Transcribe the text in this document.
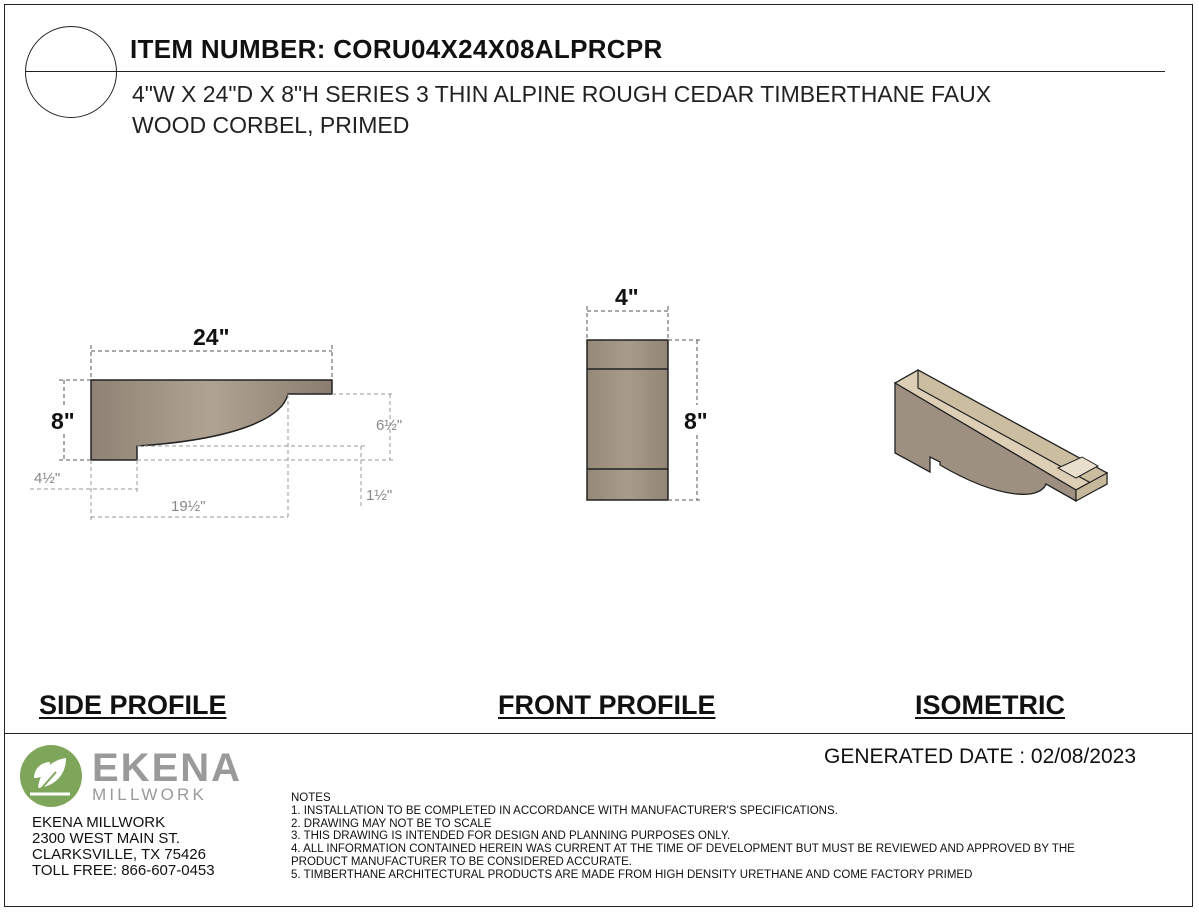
ITEM NUMBER: CORU04X24X08ALPRCPR
4"W X 24"D X 8"H SERIES 3 THIN ALPINE ROUGH CEDAR TIMBERTHANE FAUX
WOOD CORBEL, PRIMED
24"
8"	6½"
4½"
1½"
19½"
4"
8"
SIDE PROFILE	FRONT PROFILE	ISOMETRIC
EKENA
MILLWORK
EKENA MILLWORK
2300 WEST MAIN ST.
CLARKSVILLE, TX 75426
TOLL FREE: 866-607-0453
GENERATED DATE : 02/08/2023
NOTES
1. INSTALLATION TO BE COMPLETED IN ACCORDANCE WITH MANUFACTURER'S SPECIFICATIONS.
2. DRAWING MAY NOT BE TO SCALE
3. THIS DRAWING IS INTENDED FOR DESIGN AND PLANNING PURPOSES ONLY.
4. ALL INFORMATION CONTAINED HEREIN WAS CURRENT AT THE TIME OF DEVELOPMENT BUT MUST BE REVIEWED AND APPROVED BY THE
PRODUCT MANUFACTURER TO BE CONSIDERED ACCURATE.
5. TIMBERTHANE ARCHITECTURAL PRODUCTS ARE MADE FROM HIGH DENSITY URETHANE AND COME FACTORY PRIMED
